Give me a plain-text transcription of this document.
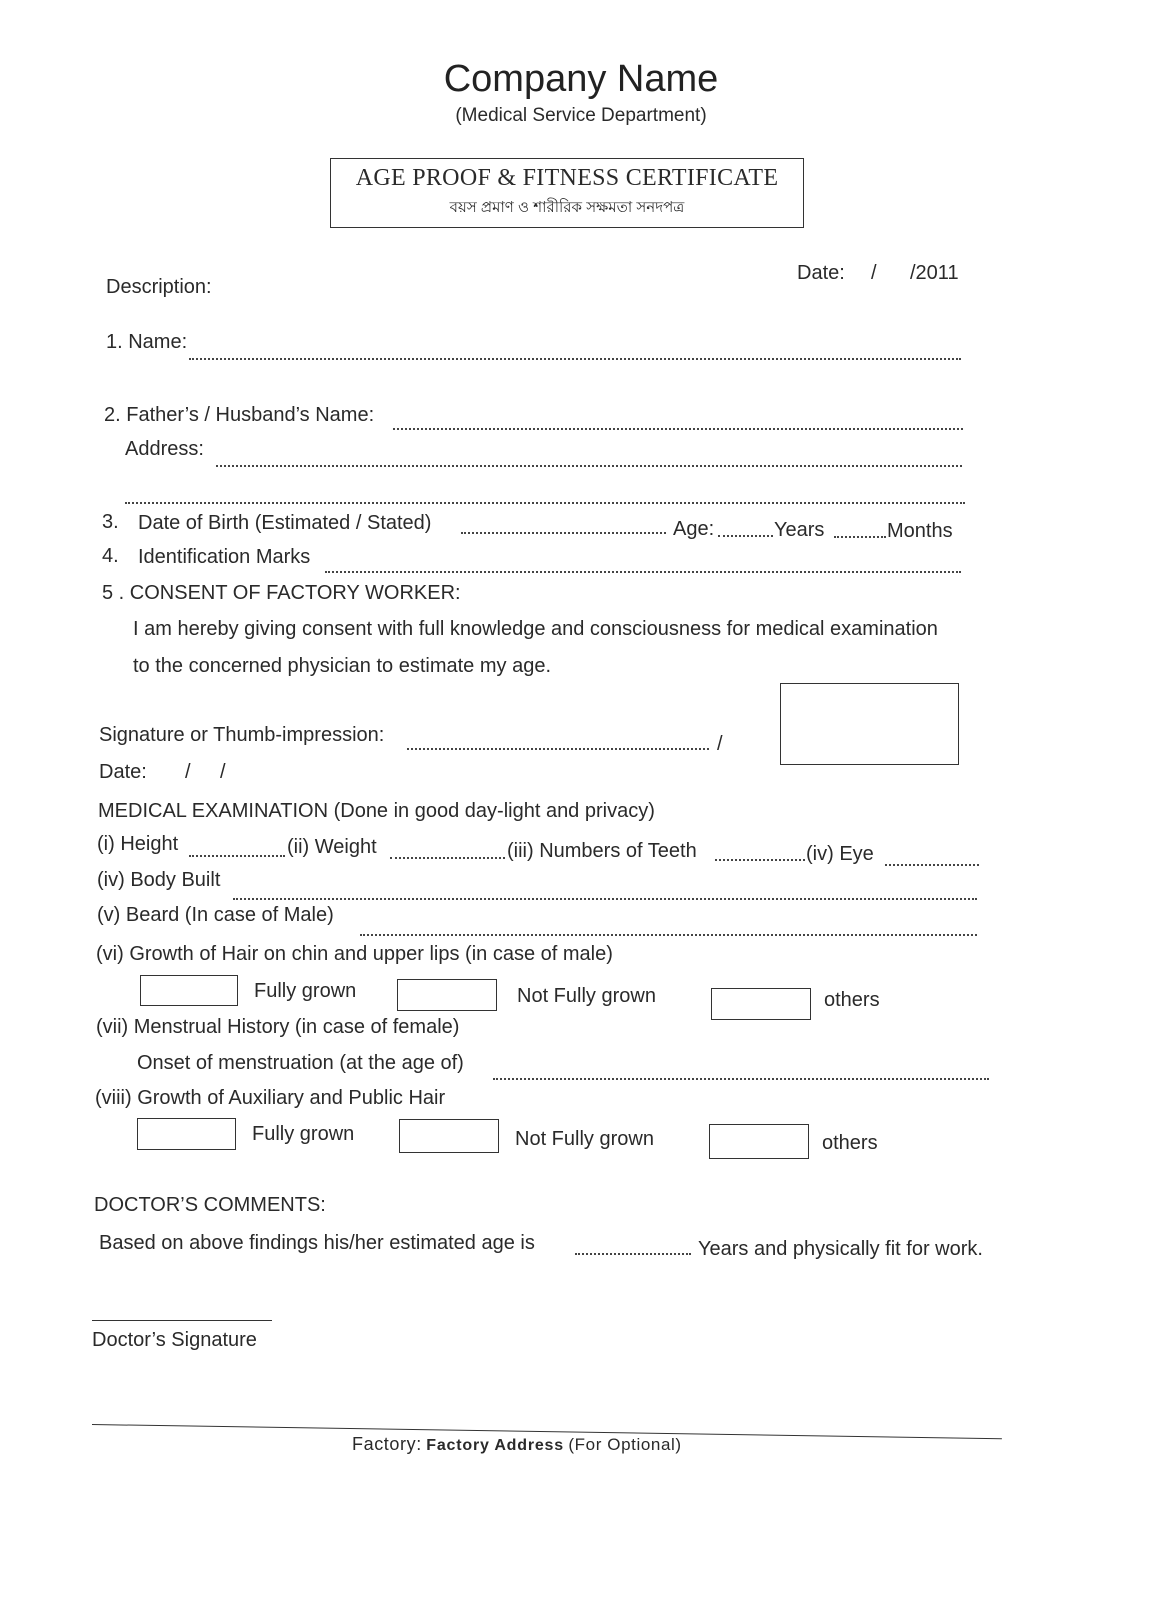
Company Name
(Medical Service Department)
AGE PROOF & FITNESS CERTIFICATE
বয়স প্রমাণ ও শারীরিক সক্ষমতা সনদপত্র
Date: / /2011
Description:
1. Name:
2. Father’s / Husband’s Name:
Address:
3. Date of Birth (Estimated / Stated)	Age:	Years	Months
4. Identification Marks
5 . CONSENT OF FACTORY WORKER:
I am hereby giving consent with full knowledge and consciousness for medical examination
to the concerned physician to estimate my age.
Signature or Thumb-impression:	/
Date: / /
MEDICAL EXAMINATION (Done in good day-light and privacy)
(i) Height	(ii) Weight	(iii) Numbers of Teeth	(iv) Eye
(iv) Body Built
(v) Beard (In case of Male)
(vi) Growth of Hair on chin and upper lips (in case of male)
Fully grown	Not Fully grown	others
(vii) Menstrual History (in case of female)
Onset of menstruation (at the age of)
(viii) Growth of Auxiliary and Public Hair
Fully grown	Not Fully grown	others
DOCTOR’S COMMENTS:
Based on above findings his/her estimated age is	Years and physically fit for work.
Doctor’s Signature
Factory: Factory Address (For Optional)
